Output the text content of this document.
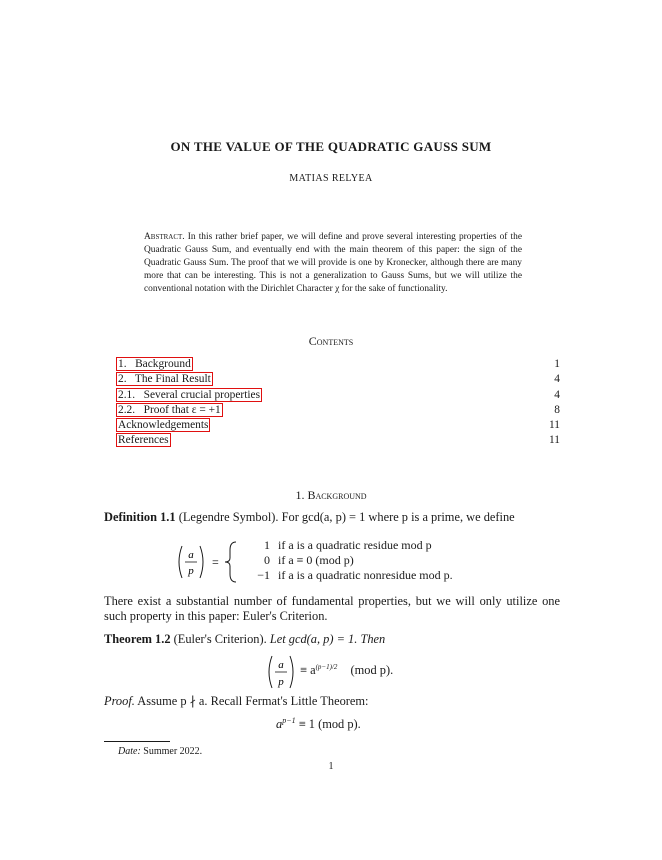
ON THE VALUE OF THE QUADRATIC GAUSS SUM
MATIAS RELYEA
Abstract. In this rather brief paper, we will define and prove several interesting properties of the Quadratic Gauss Sum, and eventually end with the main theorem of this paper: the sign of the Quadratic Gauss Sum. The proof that we will provide is one by Kronecker, although there are many more that can be interesting. This is not a generalization to Gauss Sums, but we will utilize the conventional notation with the Dirichlet Character χ for the sake of functionality.
Contents
1.   Background	1
2.   The Final Result	4
2.1.   Several crucial properties	4
2.2.   Proof that ε = +1	8
Acknowledgements	11
References	11
1. Background
Definition 1.1 (Legendre Symbol). For gcd(a, p) = 1 where p is a prime, we define
a
p
=
1 if a is a quadratic residue mod p
0 if a ≡ 0 (mod p)
−1 if a is a quadratic nonresidue mod p.
There exist a substantial number of fundamental properties, but we will only utilize one such property in this paper: Euler's Criterion.
Theorem 1.2 (Euler's Criterion). Let gcd(a, p) = 1. Then
a
p
≡ $a^{(p-1)/2}$ (mod p).
Proof. Assume p ∤ a. Recall Fermat's Little Theorem:
$a^{p-1} \equiv 1$ (mod p).
Date: Summer 2022.
1
